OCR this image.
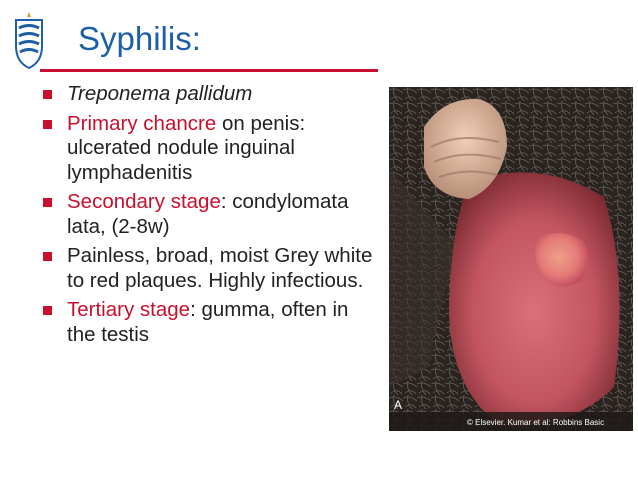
Syphilis:
Treponema pallidum
Primary chancre on penis: ulcerated nodule inguinal lymphadenitis
Secondary stage: condylomata lata, (2-8w)
Painless, broad, moist Grey white to red plaques. Highly infectious.
Tertiary stage: gumma, often in the testis
A
© Elsevier. Kumar et al: Robbins Basic
